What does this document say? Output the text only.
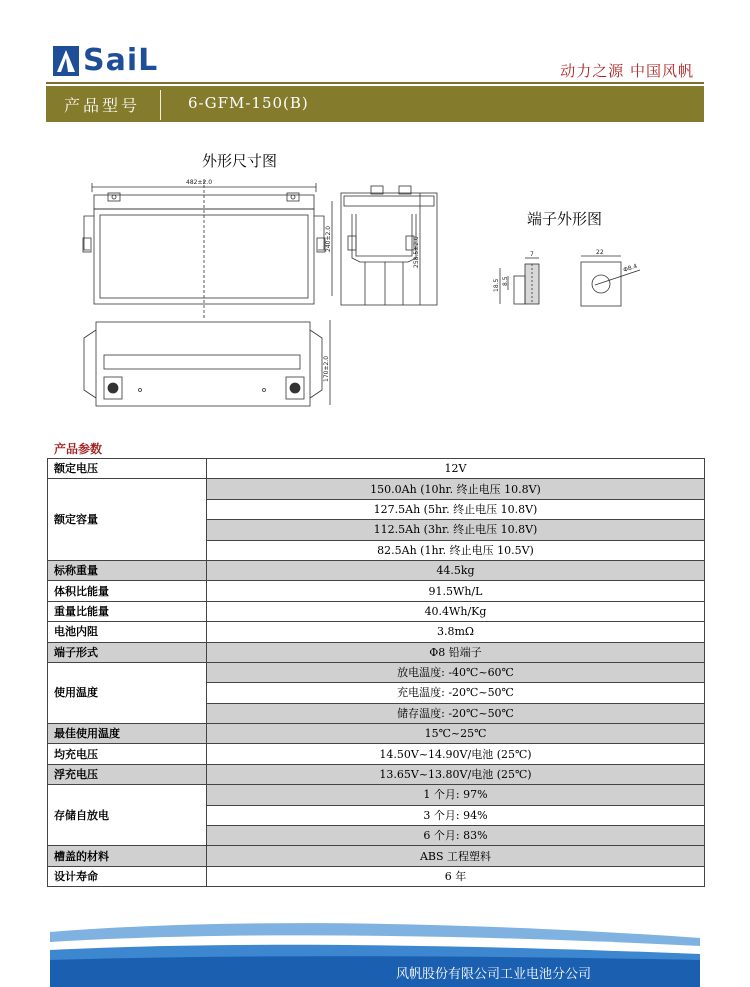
SaiL	动力之源 中国风帆
产品型号	6-GFM-150(B)
外形尺寸图
端子外形图
482±2.0
240±2.0	258.5±2.0
170±2.0
7
18.5 8.5
22
Φ8.4
产品参数
额定电压	12V
额定容量	150.0Ah (10hr. 终止电压 10.8V)
	127.5Ah (5hr. 终止电压 10.8V)
	112.5Ah (3hr. 终止电压 10.8V)
	82.5Ah (1hr. 终止电压 10.5V)
标称重量	44.5kg
体积比能量	91.5Wh/L
重量比能量	40.4Wh/Kg
电池内阻	3.8mΩ
端子形式	Φ8 铅端子
使用温度	放电温度: -40℃~60℃
	充电温度: -20℃~50℃
	储存温度: -20℃~50℃
最佳使用温度	15℃~25℃
均充电压	14.50V~14.90V/电池 (25℃)
浮充电压	13.65V~13.80V/电池 (25℃)
存储自放电	1 个月: 97%
	3 个月: 94%
	6 个月: 83%
槽盖的材料	ABS 工程塑料
设计寿命	6 年
风帆股份有限公司工业电池分公司
